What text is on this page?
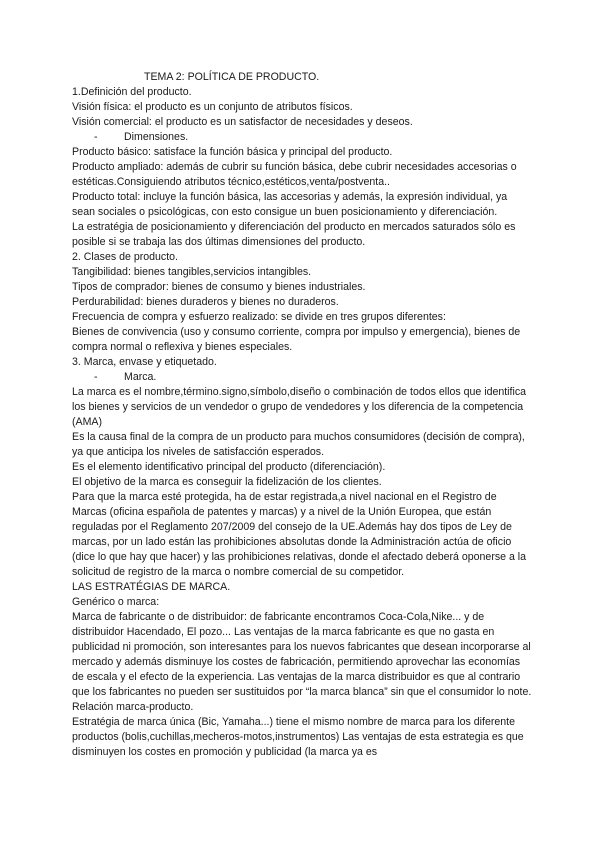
TEMA 2: POLÍTICA DE PRODUCTO.

1.Definición del producto.

Visión física: el producto es un conjunto de atributos físicos.

Visión comercial: el producto es un satisfactor de necesidades y deseos.

- Dimensiones.

Producto básico: satisface la función básica y principal del producto.

Producto ampliado: además de cubrir su función básica, debe cubrir necesidades accesorias o estéticas.Consiguiendo atributos técnico,estéticos,venta/postventa..

Producto total: incluye la función básica, las accesorias y además, la expresión individual, ya sean sociales o psicológicas, con esto consigue un buen posicionamiento y diferenciación.

La estratégia de posicionamiento y diferenciación del producto en mercados saturados sólo es posible si se trabaja las dos últimas dimensiones del producto.

2. Clases de producto.

Tangibilidad: bienes tangibles,servicios intangibles.

Tipos de comprador: bienes de consumo y bienes industriales.

Perdurabilidad: bienes duraderos y bienes no duraderos.

Frecuencia de compra y esfuerzo realizado: se divide en tres grupos diferentes:

Bienes de convivencia (uso y consumo corriente, compra por impulso y emergencia), bienes de compra normal o reflexiva y bienes especiales.

3. Marca, envase y etiquetado.

- Marca.

La marca es el nombre,término.signo,símbolo,diseño o combinación de todos ellos que identifica los bienes y servicios de un vendedor o grupo de vendedores y los diferencia de la competencia (AMA)

Es la causa final de la compra de un producto para muchos consumidores (decisión de compra), ya que anticipa los niveles de satisfacción esperados.

Es el elemento identificativo principal del producto (diferenciación).

El objetivo de la marca es conseguir la fidelización de los clientes.

Para que la marca esté protegida, ha de estar registrada,a nivel nacional en el Registro de Marcas (oficina española de patentes y marcas) y a nivel de la Unión Europea, que están reguladas por el Reglamento 207/2009 del consejo de la UE.Además hay dos tipos de Ley de marcas, por un lado están las prohibiciones absolutas donde la Administración actúa de oficio (dice lo que hay que hacer) y las prohibiciones relativas, donde el afectado deberá oponerse a la solicitud de registro de la marca o nombre comercial de su competidor.

LAS ESTRATÉGIAS DE MARCA.

Genérico o marca:

Marca de fabricante o de distribuidor: de fabricante encontramos Coca-Cola,Nike... y de distribuidor Hacendado, El pozo... Las ventajas de la marca fabricante es que no gasta en publicidad ni promoción, son interesantes para los nuevos fabricantes que desean incorporarse al mercado y además disminuye los costes de fabricación, permitiendo aprovechar las economías de escala y el efecto de la experiencia. Las ventajas de la marca distribuidor es que al contrario que los fabricantes no pueden ser sustituidos por “la marca blanca” sin que el consumidor lo note.

Relación marca-producto.

Estratégia de marca única (Bic, Yamaha...) tiene el mismo nombre de marca para los diferente productos (bolis,cuchillas,mecheros-motos,instrumentos) Las ventajas de esta estrategia es que disminuyen los costes en promoción y publicidad (la marca ya es
